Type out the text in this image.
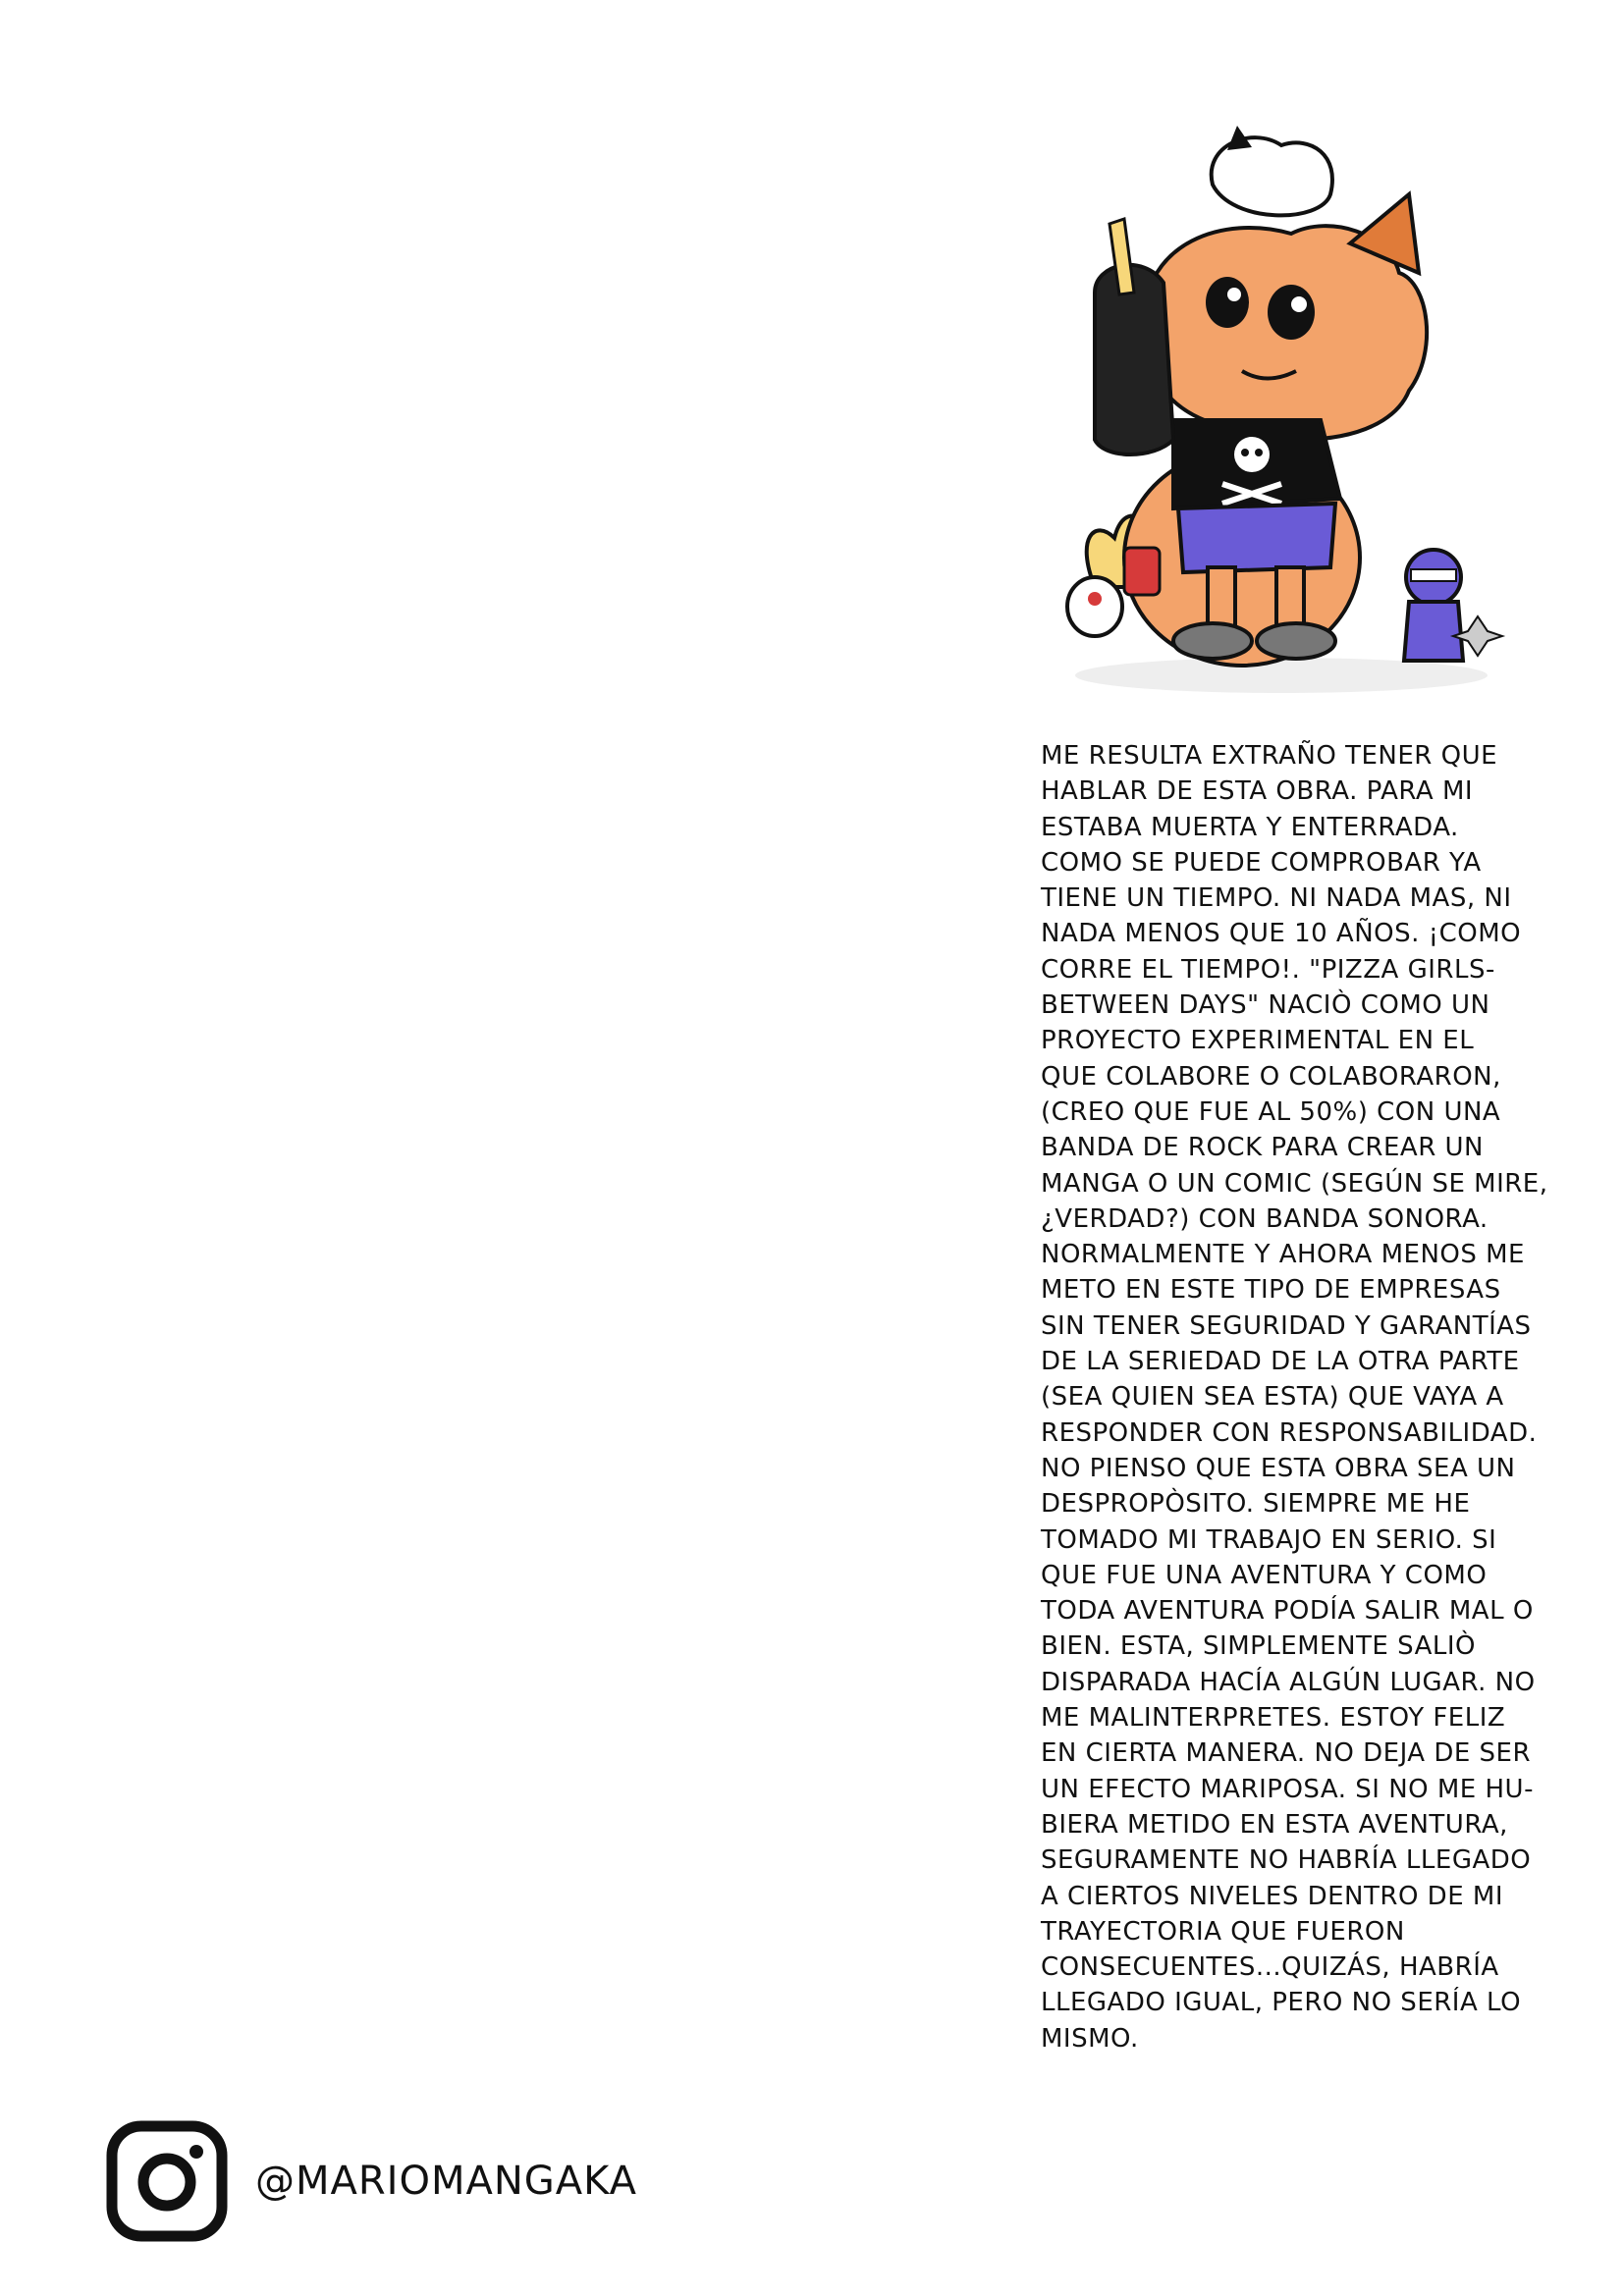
ME RESULTA EXTRAÑO TENER QUE
HABLAR DE ESTA OBRA. PARA MI
ESTABA MUERTA Y ENTERRADA.
COMO SE PUEDE COMPROBAR YA
TIENE UN TIEMPO. NI NADA MAS, NI
NADA MENOS QUE 10 AÑOS. ¡COMO
CORRE EL TIEMPO!. "PIZZA GIRLS-
BETWEEN DAYS" NACIÒ COMO UN
PROYECTO EXPERIMENTAL EN EL
QUE COLABORE O COLABORARON,
(CREO QUE FUE AL 50%) CON UNA
BANDA DE ROCK PARA CREAR UN
MANGA O UN COMIC (SEGÚN SE MIRE,
¿VERDAD?) CON BANDA SONORA.
NORMALMENTE Y AHORA MENOS ME
METO EN ESTE TIPO DE EMPRESAS
SIN TENER SEGURIDAD Y GARANTÍAS
DE LA SERIEDAD DE LA OTRA PARTE
(SEA QUIEN SEA ESTA) QUE VAYA A
RESPONDER CON RESPONSABILIDAD.
NO PIENSO QUE ESTA OBRA SEA UN
DESPROPÒSITO. SIEMPRE ME HE
TOMADO MI TRABAJO EN SERIO. SI
QUE FUE UNA AVENTURA Y COMO
TODA AVENTURA PODÍA SALIR MAL O
BIEN. ESTA, SIMPLEMENTE SALIÒ
DISPARADA HACÍA ALGÚN LUGAR. NO
ME MALINTERPRETES. ESTOY FELIZ
EN CIERTA MANERA. NO DEJA DE SER
UN EFECTO MARIPOSA. SI NO ME HU-
BIERA METIDO EN ESTA AVENTURA,
SEGURAMENTE NO HABRÍA LLEGADO
A CIERTOS NIVELES DENTRO DE MI
TRAYECTORIA QUE FUERON
CONSECUENTES...QUIZÁS, HABRÍA
LLEGADO IGUAL, PERO NO SERÍA LO
MISMO.
@MARIOMANGAKA
